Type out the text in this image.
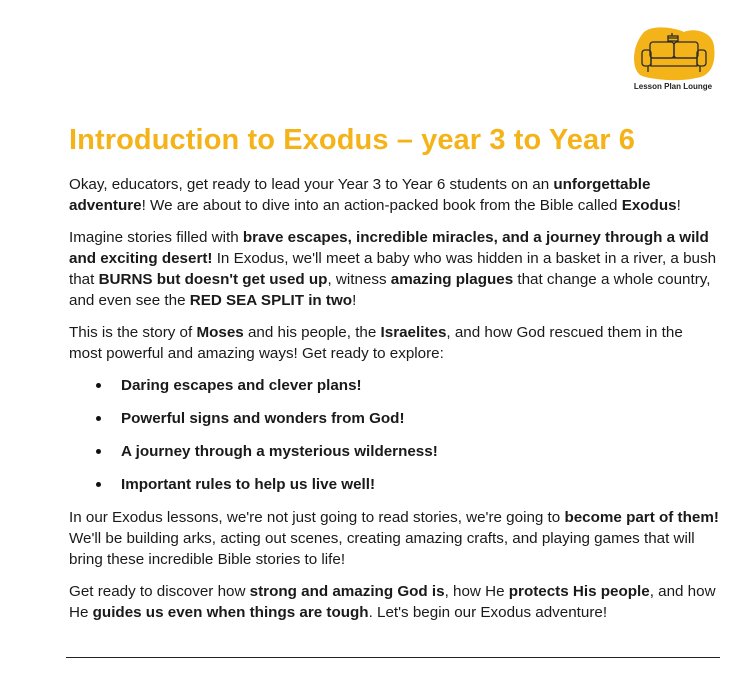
Lesson Plan Lounge
Introduction to Exodus – year 3 to Year 6

Okay, educators, get ready to lead your Year 3 to Year 6 students on an unforgettable adventure! We are about to dive into an action-packed book from the Bible called Exodus!

Imagine stories filled with brave escapes, incredible miracles, and a journey through a wild and exciting desert! In Exodus, we'll meet a baby who was hidden in a basket in a river, a bush that BURNS but doesn't get used up, witness amazing plagues that change a whole country, and even see the RED SEA SPLIT in two!

This is the story of Moses and his people, the Israelites, and how God rescued them in the most powerful and amazing ways! Get ready to explore:

Daring escapes and clever plans!
Powerful signs and wonders from God!
A journey through a mysterious wilderness!
Important rules to help us live well!

In our Exodus lessons, we're not just going to read stories, we're going to become part of them! We'll be building arks, acting out scenes, creating amazing crafts, and playing games that will bring these incredible Bible stories to life!

Get ready to discover how strong and amazing God is, how He protects His people, and how He guides us even when things are tough. Let's begin our Exodus adventure!
